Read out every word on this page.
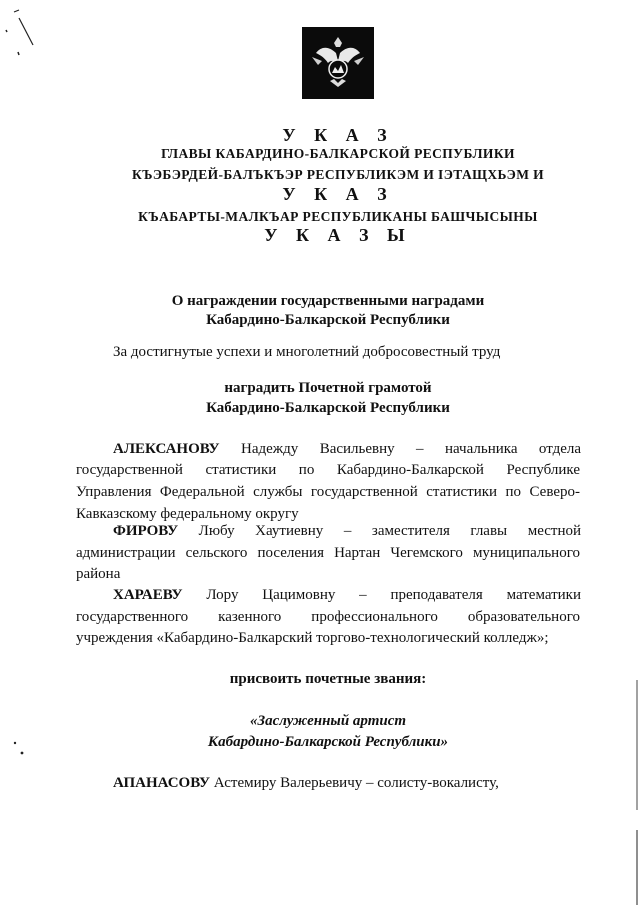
У К А З
ГЛАВЫ КАБАРДИНО-БАЛКАРСКОЙ РЕСПУБЛИКИ
КЪЭБЭРДЕЙ-БАЛЪКЪЭР РЕСПУБЛИКЭМ И ІЭТАЩХЬЭМ И
У К А З
КЪАБАРТЫ-МАЛКЪАР РЕСПУБЛИКАНЫ БАШЧЫСЫНЫ
У К А З Ы
О награждении государственными наградами
Кабардино-Балкарской Республики
За достигнутые успехи и многолетний добросовестный труд
наградить Почетной грамотой
Кабардино-Балкарской Республики
АЛЕКСАНОВУ Надежду Васильевну – начальника отдела
государственной статистики по Кабардино-Балкарской Республике
Управления Федеральной службы государственной статистики по Северо-
Кавказскому федеральному округу
ФИРОВУ Любу Хаутиевну – заместителя главы местной
администрации сельского поселения Нартан Чегемского муниципального
района
ХАРАЕВУ Лору Цацимовну – преподавателя математики
государственного казенного профессионального образовательного
учреждения «Кабардино-Балкарский торгово-технологический колледж»;
присвоить почетные звания:
«Заслуженный артист
Кабардино-Балкарской Республики»
АПАНАСОВУ Астемиру Валерьевичу – солисту-вокалисту,
